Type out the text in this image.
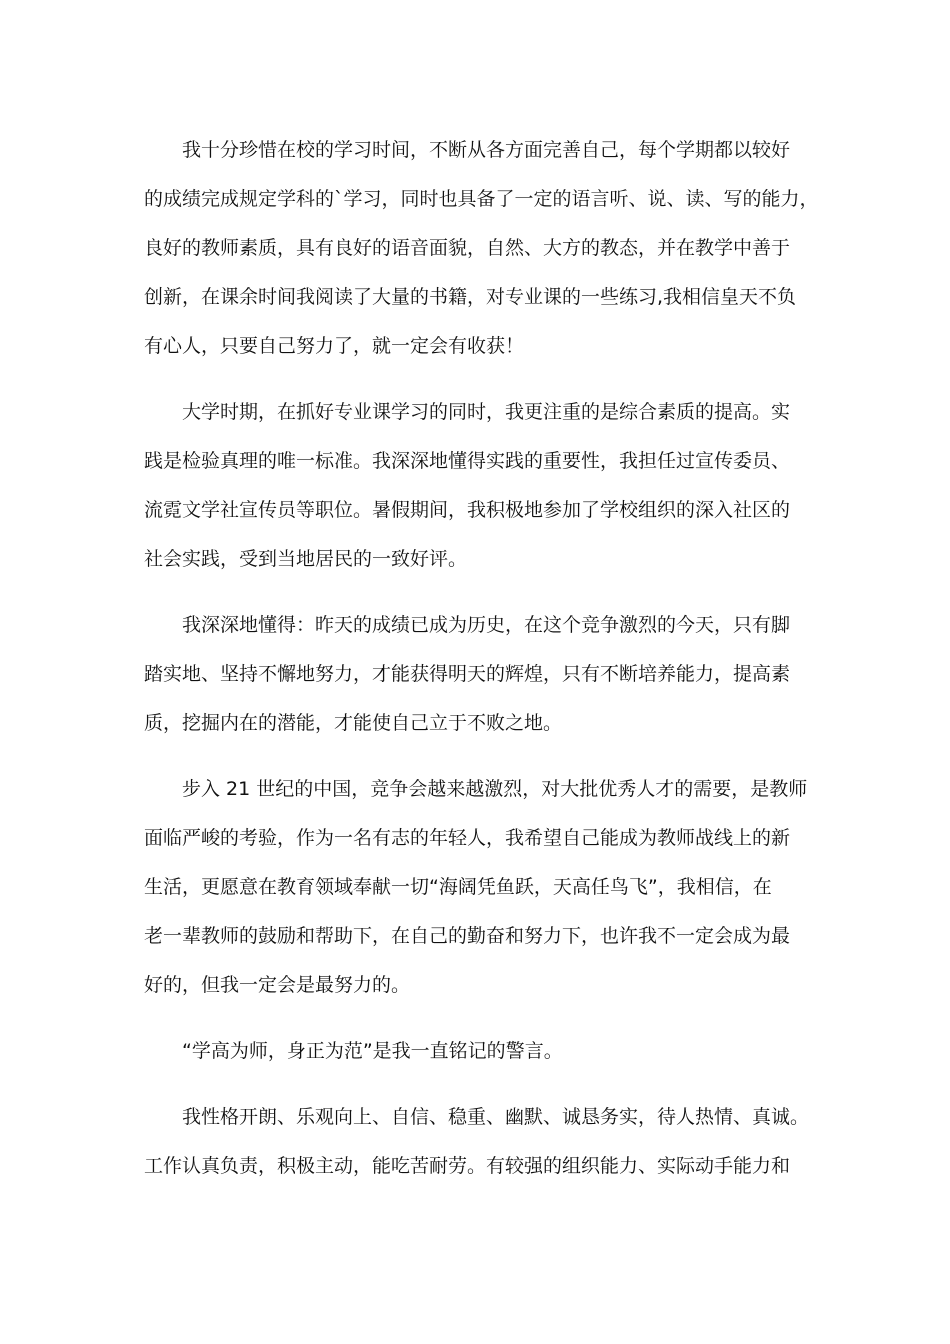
我十分珍惜在校的学习时间，不断从各方面完善自己，每个学期都以较好
的成绩完成规定学科的`学习，同时也具备了一定的语言听、说、读、写的能力，
良好的教师素质，具有良好的语音面貌，自然、大方的教态，并在教学中善于
创新，在课余时间我阅读了大量的书籍，对专业课的一些练习,我相信皇天不负
有心人，只要自己努力了，就一定会有收获！

大学时期，在抓好专业课学习的同时，我更注重的是综合素质的提高。实
践是检验真理的唯一标准。我深深地懂得实践的重要性，我担任过宣传委员、
流霓文学社宣传员等职位。暑假期间，我积极地参加了学校组织的深入社区的
社会实践，受到当地居民的一致好评。

我深深地懂得：昨天的成绩已成为历史，在这个竞争激烈的今天，只有脚
踏实地、坚持不懈地努力，才能获得明天的辉煌，只有不断培养能力，提高素
质，挖掘内在的潜能，才能使自己立于不败之地。

步入 21 世纪的中国，竞争会越来越激烈，对大批优秀人才的需要，是教师
面临严峻的考验，作为一名有志的年轻人，我希望自己能成为教师战线上的新
生活，更愿意在教育领域奉献一切“海阔凭鱼跃，天高任鸟飞”，我相信，在
老一辈教师的鼓励和帮助下，在自己的勤奋和努力下，也许我不一定会成为最
好的，但我一定会是最努力的。

“学高为师，身正为范”是我一直铭记的警言。

我性格开朗、乐观向上、自信、稳重、幽默、诚恳务实，待人热情、真诚。
工作认真负责，积极主动，能吃苦耐劳。有较强的组织能力、实际动手能力和
